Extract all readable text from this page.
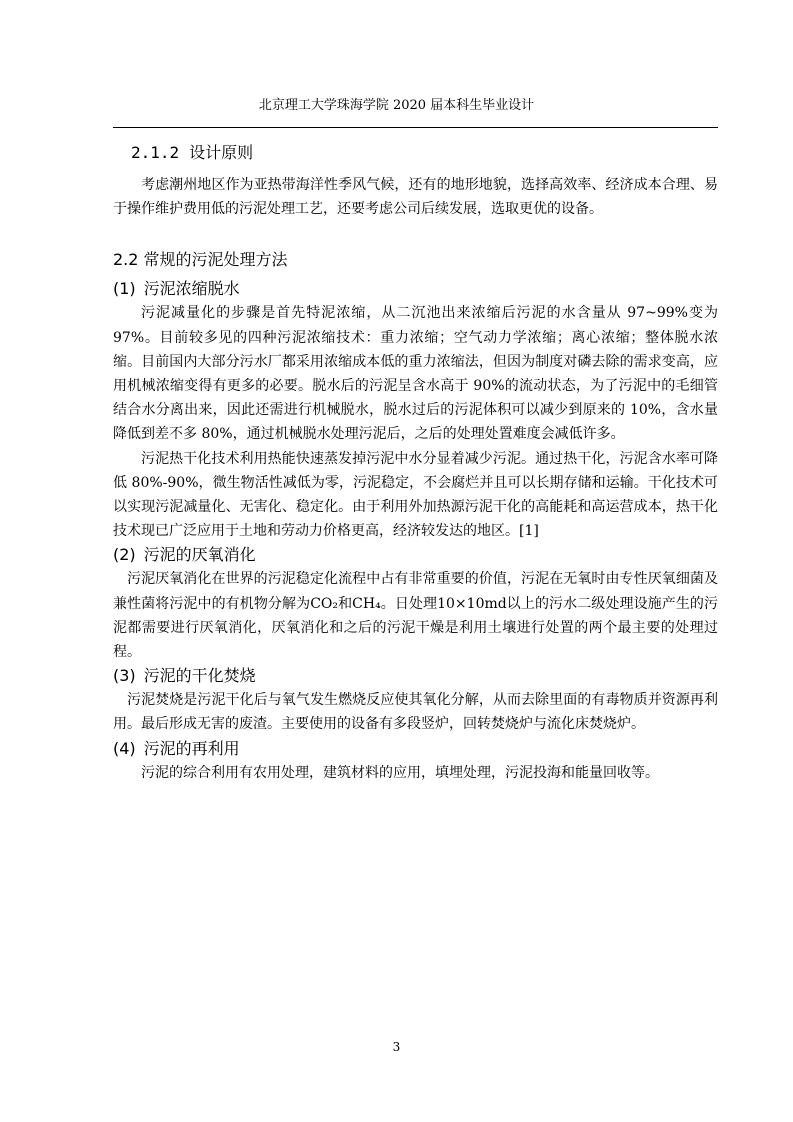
北京理工大学珠海学院 2020 届本科生毕业设计
2.1.2 设计原则

考虑潮州地区作为亚热带海洋性季风气候，还有的地形地貌，选择高效率、经济成本合理、易于操作维护费用低的污泥处理工艺，还要考虑公司后续发展，选取更优的设备。

2.2 常规的污泥处理方法
(1) 污泥浓缩脱水

污泥减量化的步骤是首先特泥浓缩，从二沉池出来浓缩后污泥的水含量从 97~99%变为 97%。目前较多见的四种污泥浓缩技术：重力浓缩；空气动力学浓缩；离心浓缩；整体脱水浓缩。目前国内大部分污水厂都采用浓缩成本低的重力浓缩法，但因为制度对磷去除的需求变高，应用机械浓缩变得有更多的必要。脱水后的污泥呈含水高于 90%的流动状态，为了污泥中的毛细管结合水分离出来，因此还需进行机械脱水，脱水过后的污泥体积可以减少到原来的 10%，含水量降低到差不多 80%，通过机械脱水处理污泥后，之后的处理处置难度会减低许多。

污泥热干化技术利用热能快速蒸发掉污泥中水分显着减少污泥。通过热干化，污泥含水率可降低 80%-90%，微生物活性减低为零，污泥稳定，不会腐烂并且可以长期存储和运输。干化技术可以实现污泥减量化、无害化、稳定化。由于利用外加热源污泥干化的高能耗和高运营成本，热干化技术现已广泛应用于土地和劳动力价格更高，经济较发达的地区。[1]

(2) 污泥的厌氧消化

污泥厌氧消化在世界的污泥稳定化流程中占有非常重要的价值，污泥在无氧时由专性厌氧细菌及兼性菌将污泥中的有机物分解为CO₂和CH₄。日处理10×10md以上的污水二级处理设施产生的污泥都需要进行厌氧消化，厌氧消化和之后的污泥干燥是利用土壤进行处置的两个最主要的处理过程。

(3) 污泥的干化焚烧

污泥焚烧是污泥干化后与氧气发生燃烧反应使其氧化分解，从而去除里面的有毒物质并资源再利用。最后形成无害的废渣。主要使用的设备有多段竖炉，回转焚烧炉与流化床焚烧炉。

(4) 污泥的再利用

污泥的综合利用有农用处理，建筑材料的应用，填埋处理，污泥投海和能量回收等。

3
